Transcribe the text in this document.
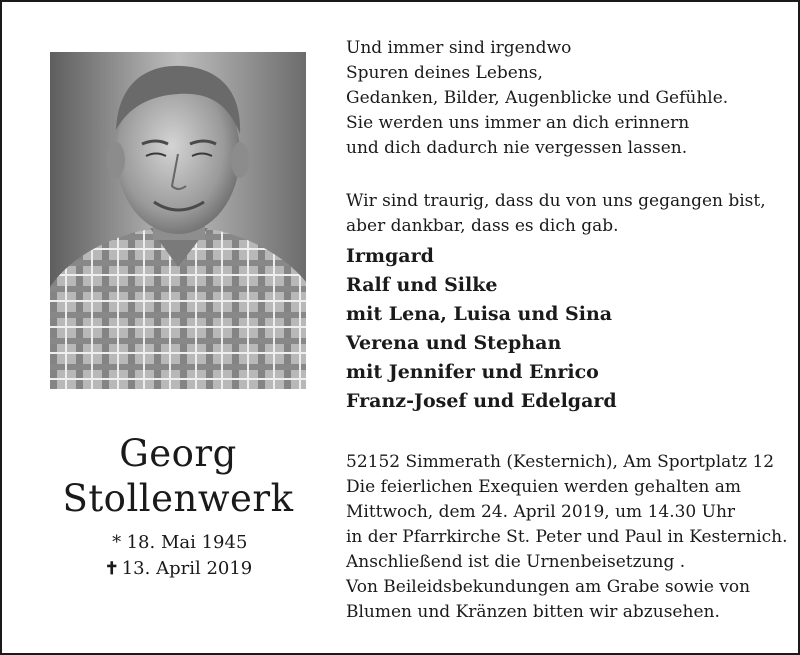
Georg
Stollenwerk
* 18. Mai 1945
✝ 13. April 2019
Und immer sind irgendwo
Spuren deines Lebens,
Gedanken, Bilder, Augenblicke und Gefühle.
Sie werden uns immer an dich erinnern
und dich dadurch nie vergessen lassen.
Wir sind traurig, dass du von uns gegangen bist,
aber dankbar, dass es dich gab.
Irmgard
Ralf und Silke
mit Lena, Luisa und Sina
Verena und Stephan
mit Jennifer und Enrico
Franz-Josef und Edelgard
52152 Simmerath (Kesternich), Am Sportplatz 12
Die feierlichen Exequien werden gehalten am
Mittwoch, dem 24. April 2019, um 14.30 Uhr
in der Pfarrkirche St. Peter und Paul in Kesternich.
Anschließend ist die Urnenbeisetzung .
Von Beileidsbekundungen am Grabe sowie von
Blumen und Kränzen bitten wir abzusehen.
